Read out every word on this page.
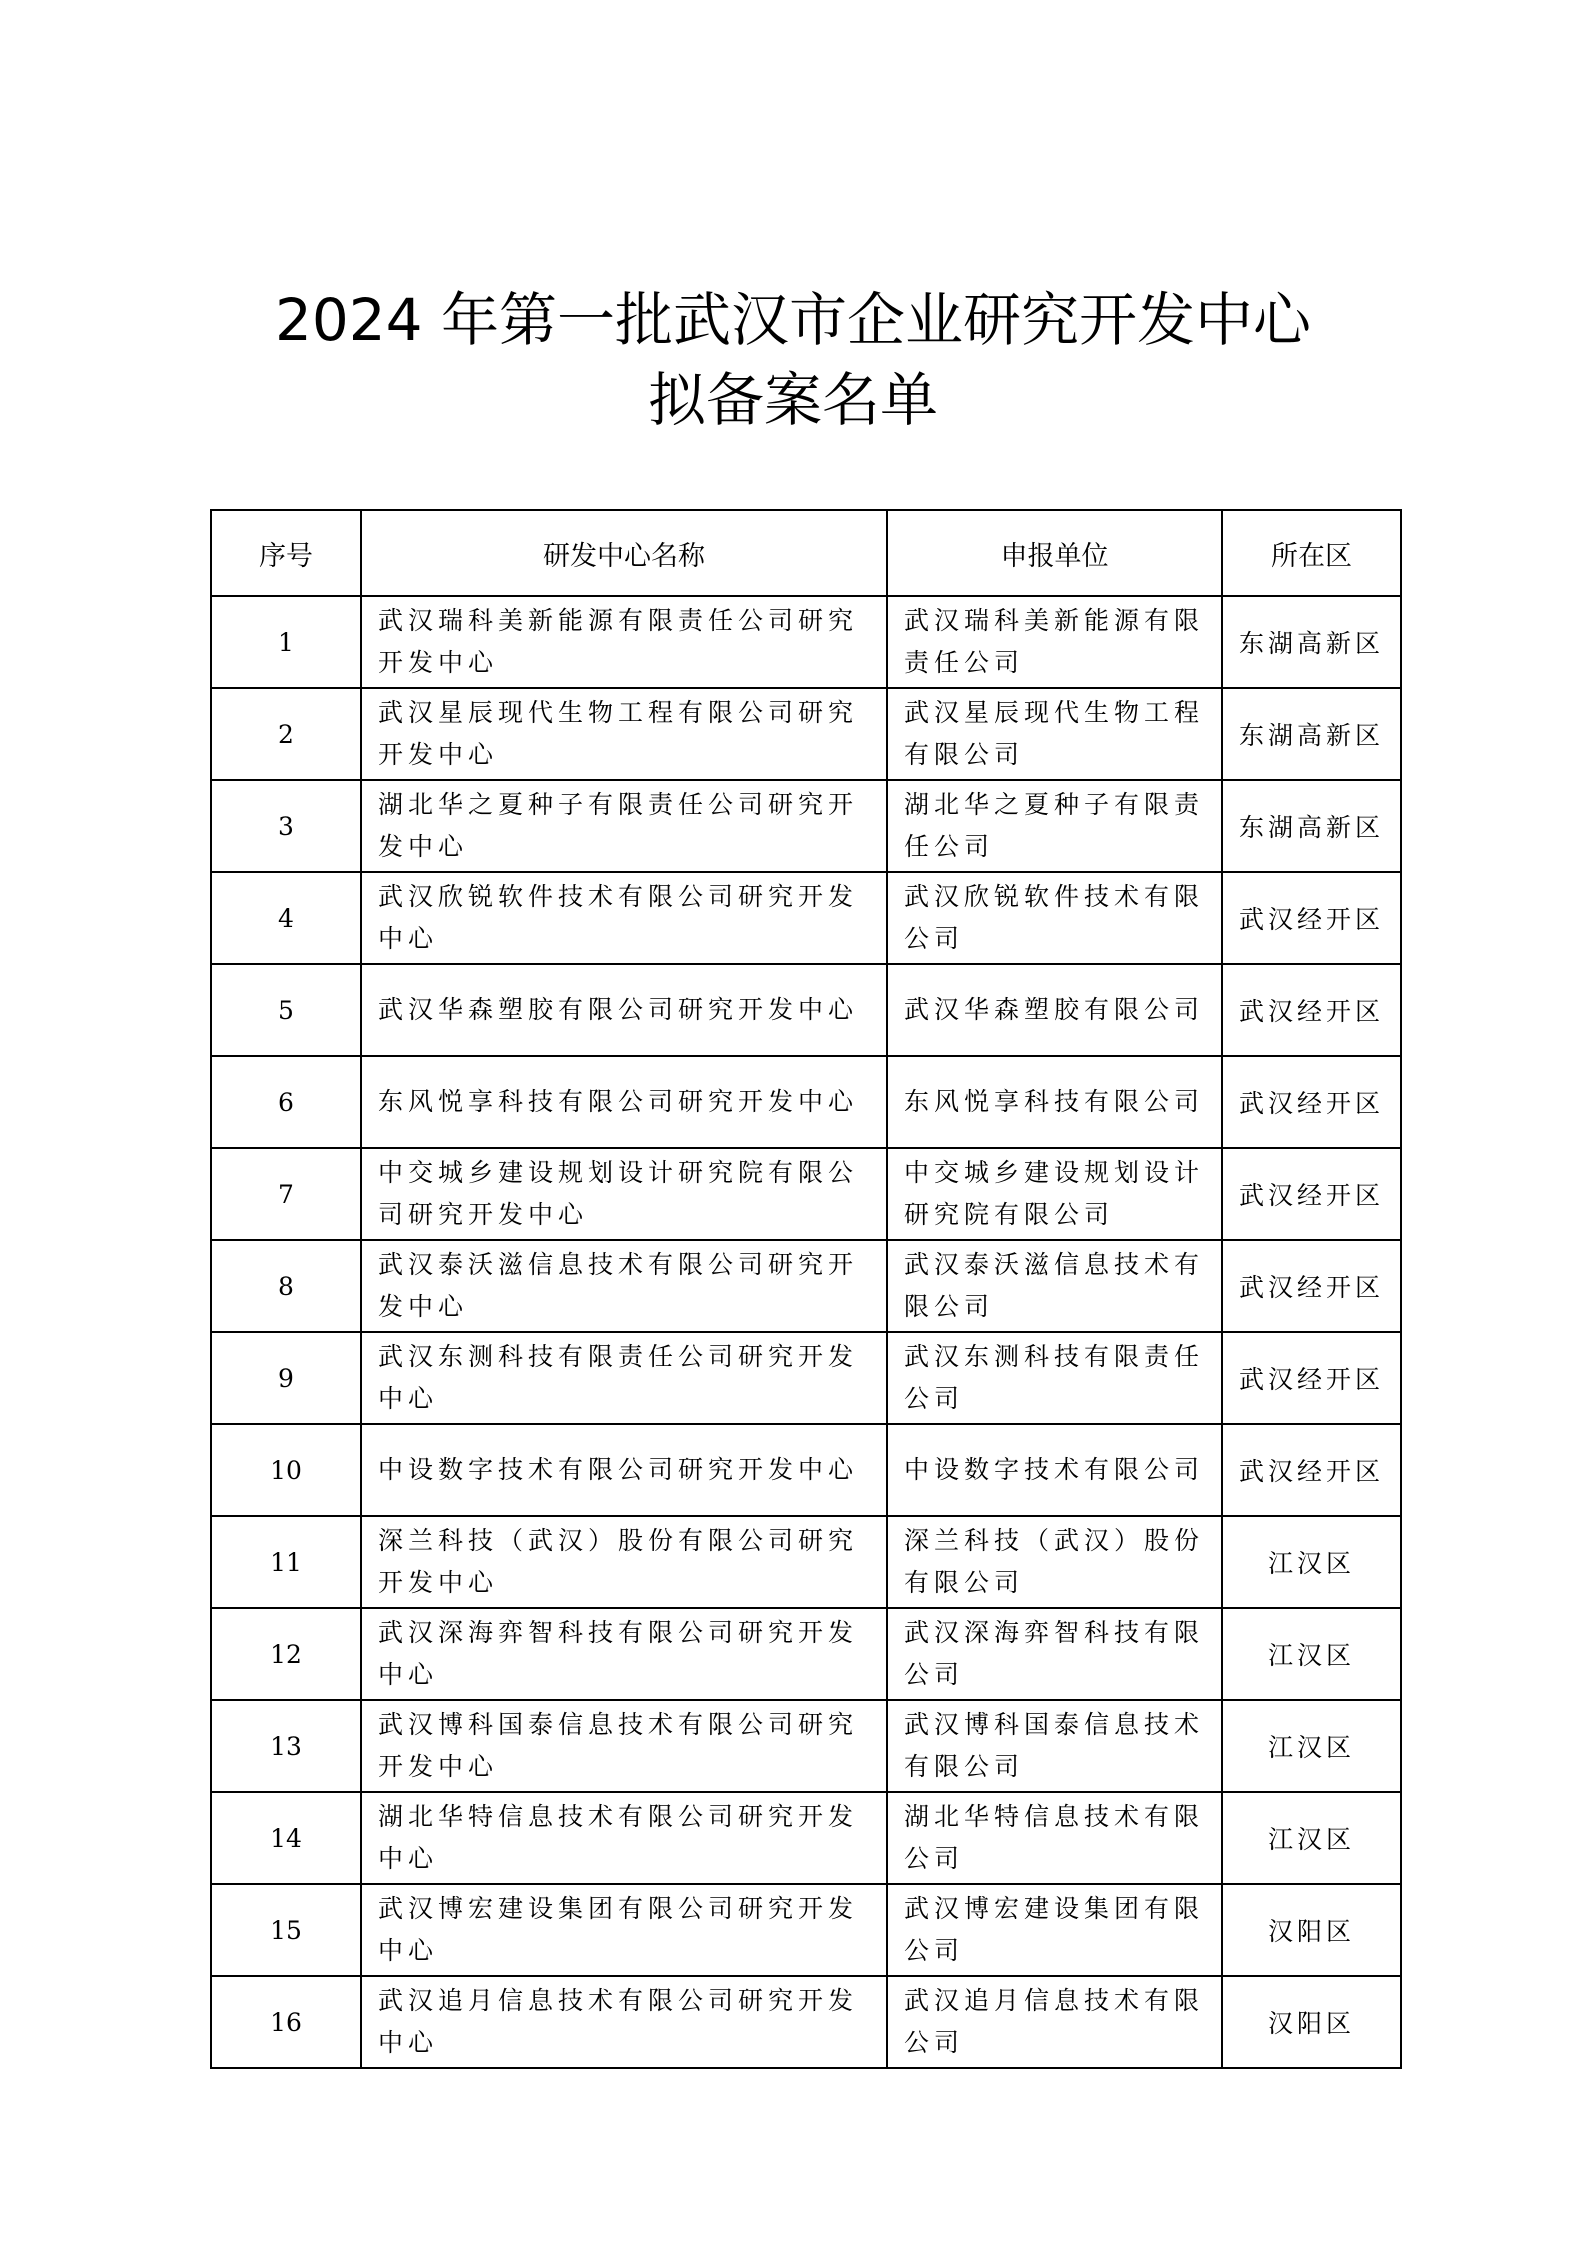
2024 年第一批武汉市企业研究开发中心
拟备案名单
序号	研发中心名称	申报单位	所在区
1	武汉瑞科美新能源有限责任公司研究开发中心	武汉瑞科美新能源有限责任公司	东湖高新区
2	武汉星辰现代生物工程有限公司研究开发中心	武汉星辰现代生物工程有限公司	东湖高新区
3	湖北华之夏种子有限责任公司研究开发中心	湖北华之夏种子有限责任公司	东湖高新区
4	武汉欣锐软件技术有限公司研究开发中心	武汉欣锐软件技术有限公司	武汉经开区
5	武汉华森塑胶有限公司研究开发中心	武汉华森塑胶有限公司	武汉经开区
6	东风悦享科技有限公司研究开发中心	东风悦享科技有限公司	武汉经开区
7	中交城乡建设规划设计研究院有限公司研究开发中心	中交城乡建设规划设计研究院有限公司	武汉经开区
8	武汉泰沃滋信息技术有限公司研究开发中心	武汉泰沃滋信息技术有限公司	武汉经开区
9	武汉东测科技有限责任公司研究开发中心	武汉东测科技有限责任公司	武汉经开区
10	中设数字技术有限公司研究开发中心	中设数字技术有限公司	武汉经开区
11	深兰科技（武汉）股份有限公司研究开发中心	深兰科技（武汉）股份有限公司	江汉区
12	武汉深海弈智科技有限公司研究开发中心	武汉深海弈智科技有限公司	江汉区
13	武汉博科国泰信息技术有限公司研究开发中心	武汉博科国泰信息技术有限公司	江汉区
14	湖北华特信息技术有限公司研究开发中心	湖北华特信息技术有限公司	江汉区
15	武汉博宏建设集团有限公司研究开发中心	武汉博宏建设集团有限公司	汉阳区
16	武汉追月信息技术有限公司研究开发中心	武汉追月信息技术有限公司	汉阳区
